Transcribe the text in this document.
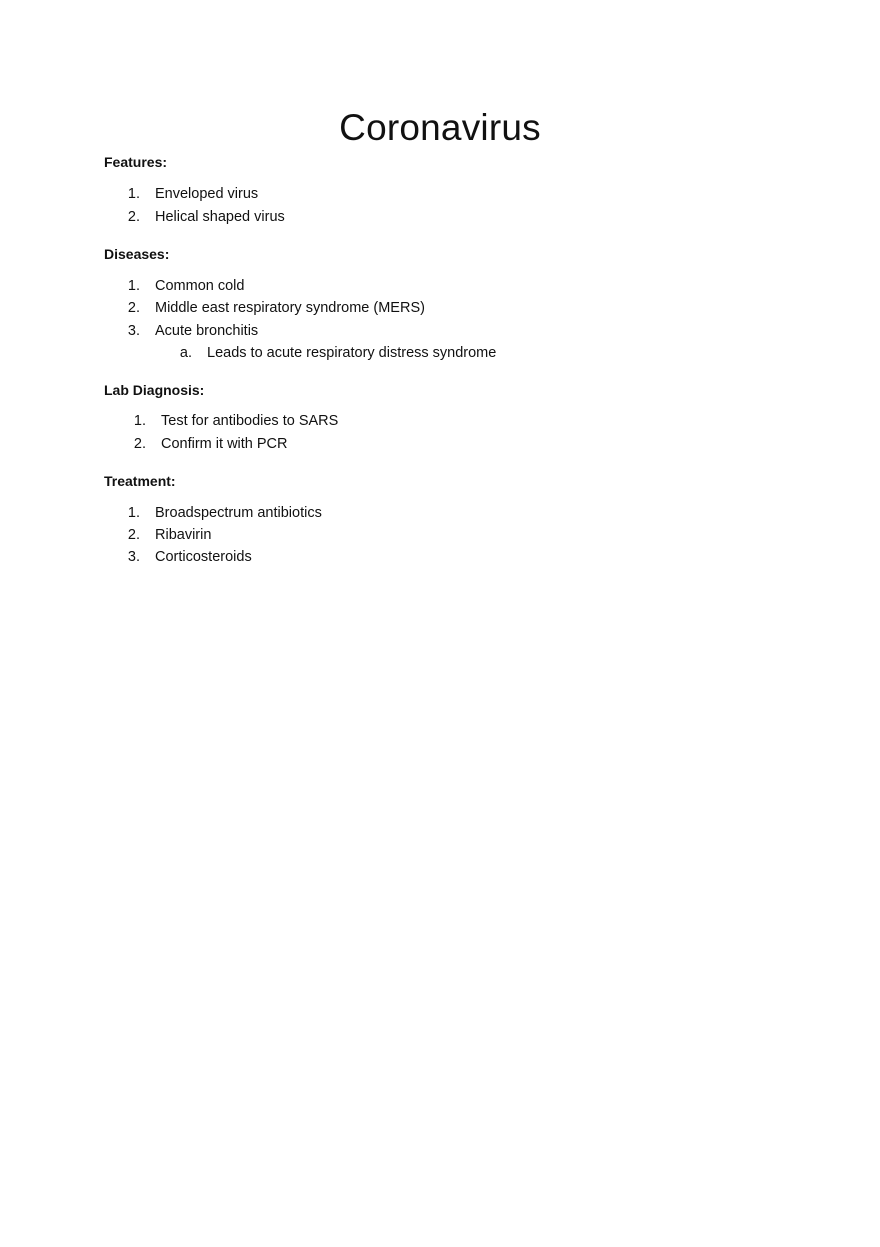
Coronavirus
Features:
1. Enveloped virus
2. Helical shaped virus
Diseases:
1. Common cold
2. Middle east respiratory syndrome (MERS)
3. Acute bronchitis
a. Leads to acute respiratory distress syndrome
Lab Diagnosis:
1. Test for antibodies to SARS
2. Confirm it with PCR
Treatment:
1. Broadspectrum antibiotics
2. Ribavirin
3. Corticosteroids
